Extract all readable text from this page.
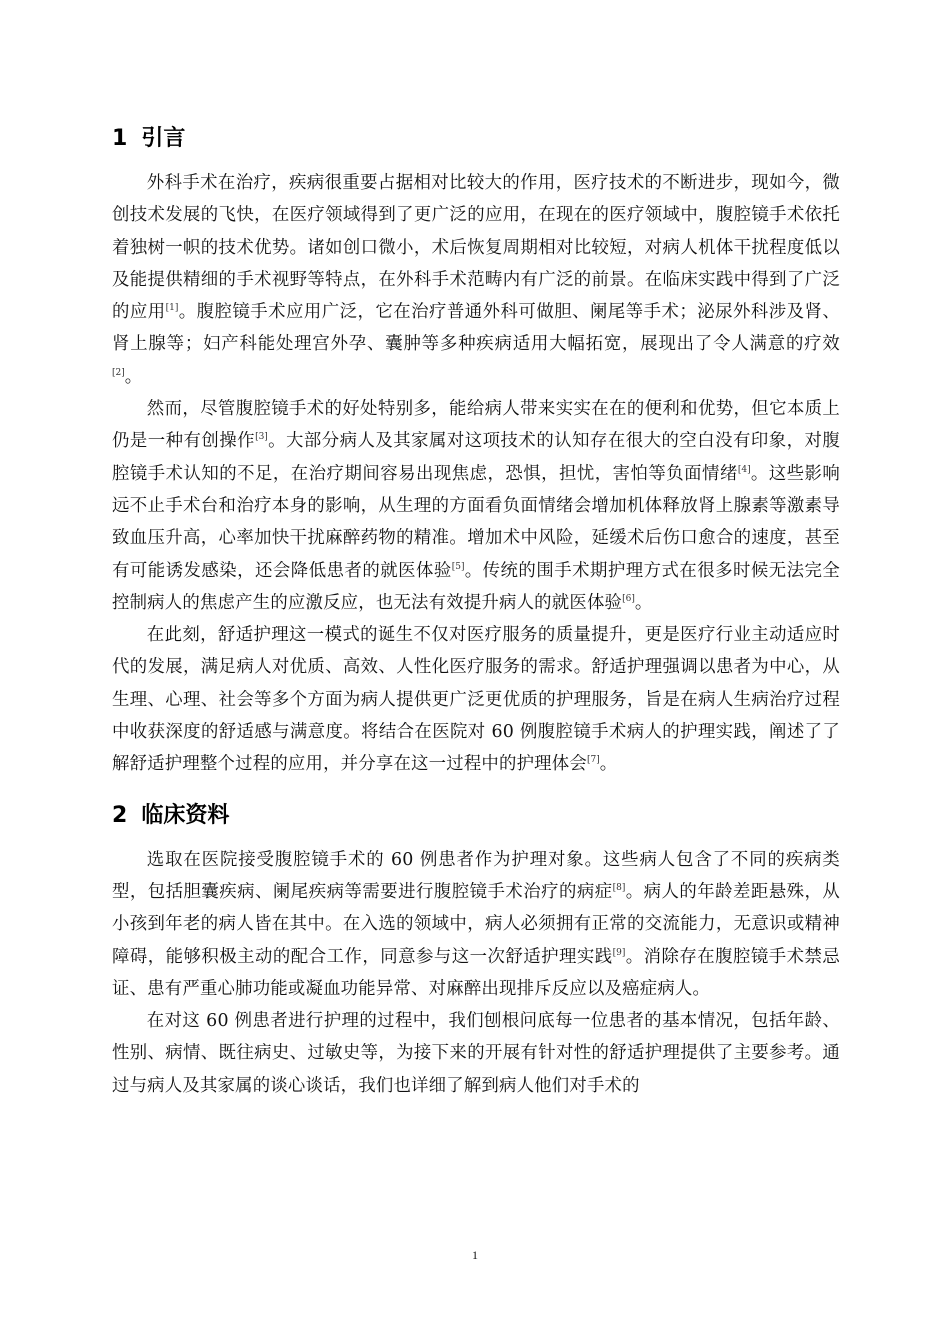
1 引言

外科手术在治疗，疾病很重要占据相对比较大的作用，医疗技术的不断进步，现如今，微创技术发展的飞快，在医疗领域得到了更广泛的应用，在现在的医疗领域中，腹腔镜手术依托着独树一帜的技术优势。诸如创口微小，术后恢复周期相对比较短，对病人机体干扰程度低以及能提供精细的手术视野等特点，在外科手术范畴内有广泛的前景。在临床实践中得到了广泛的应用[1]。腹腔镜手术应用广泛，它在治疗普通外科可做胆、阑尾等手术；泌尿外科涉及肾、肾上腺等；妇产科能处理宫外孕、囊肿等多种疾病适用大幅拓宽，展现出了令人满意的疗效[2]。

然而，尽管腹腔镜手术的好处特别多，能给病人带来实实在在的便利和优势，但它本质上仍是一种有创操作[3]。大部分病人及其家属对这项技术的认知存在很大的空白没有印象，对腹腔镜手术认知的不足，在治疗期间容易出现焦虑，恐惧，担忧，害怕等负面情绪[4]。这些影响远不止手术台和治疗本身的影响，从生理的方面看负面情绪会增加机体释放肾上腺素等激素导致血压升高，心率加快干扰麻醉药物的精准。增加术中风险，延缓术后伤口愈合的速度，甚至有可能诱发感染，还会降低患者的就医体验[5]。传统的围手术期护理方式在很多时候无法完全控制病人的焦虑产生的应激反应，也无法有效提升病人的就医体验[6]。

在此刻，舒适护理这一模式的诞生不仅对医疗服务的质量提升，更是医疗行业主动适应时代的发展，满足病人对优质、高效、人性化医疗服务的需求。舒适护理强调以患者为中心，从生理、心理、社会等多个方面为病人提供更广泛更优质的护理服务，旨是在病人生病治疗过程中收获深度的舒适感与满意度。将结合在医院对 60 例腹腔镜手术病人的护理实践，阐述了了解舒适护理整个过程的应用，并分享在这一过程中的护理体会[7]。

2 临床资料

选取在医院接受腹腔镜手术的 60 例患者作为护理对象。这些病人包含了不同的疾病类型，包括胆囊疾病、阑尾疾病等需要进行腹腔镜手术治疗的病症[8]。病人的年龄差距悬殊，从小孩到年老的病人皆在其中。在入选的领域中，病人必须拥有正常的交流能力，无意识或精神障碍，能够积极主动的配合工作，同意参与这一次舒适护理实践[9]。消除存在腹腔镜手术禁忌证、患有严重心肺功能或凝血功能异常、对麻醉出现排斥反应以及癌症病人。

在对这 60 例患者进行护理的过程中，我们刨根问底每一位患者的基本情况，包括年龄、性别、病情、既往病史、过敏史等，为接下来的开展有针对性的舒适护理提供了主要参考。通过与病人及其家属的谈心谈话，我们也详细了解到病人他们对手术的

1
